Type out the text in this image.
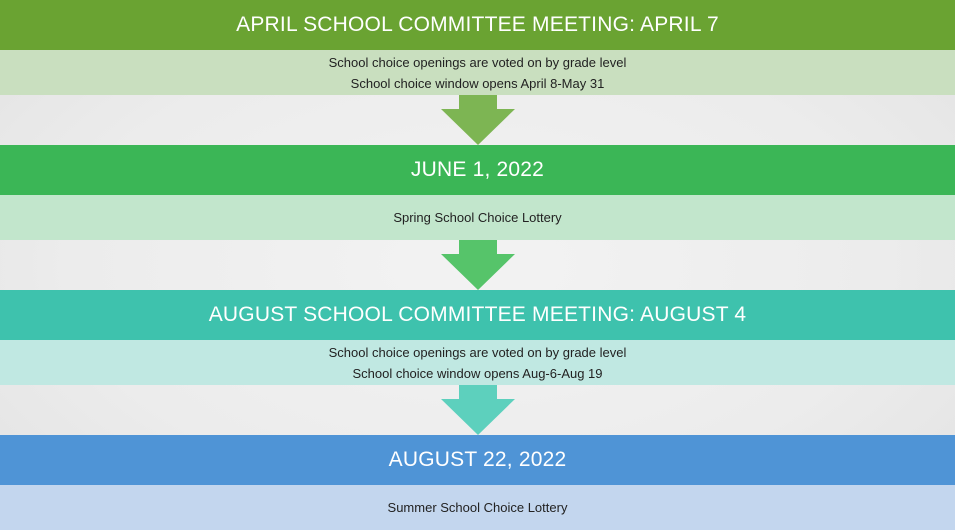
APRIL SCHOOL COMMITTEE MEETING: APRIL 7
School choice openings are voted on by grade level
School choice window opens April 8-May 31
JUNE 1, 2022
Spring School Choice Lottery
AUGUST SCHOOL COMMITTEE MEETING: AUGUST 4
School choice openings are voted on by grade level
School choice window opens Aug-6-Aug 19
AUGUST 22, 2022
Summer School Choice Lottery
